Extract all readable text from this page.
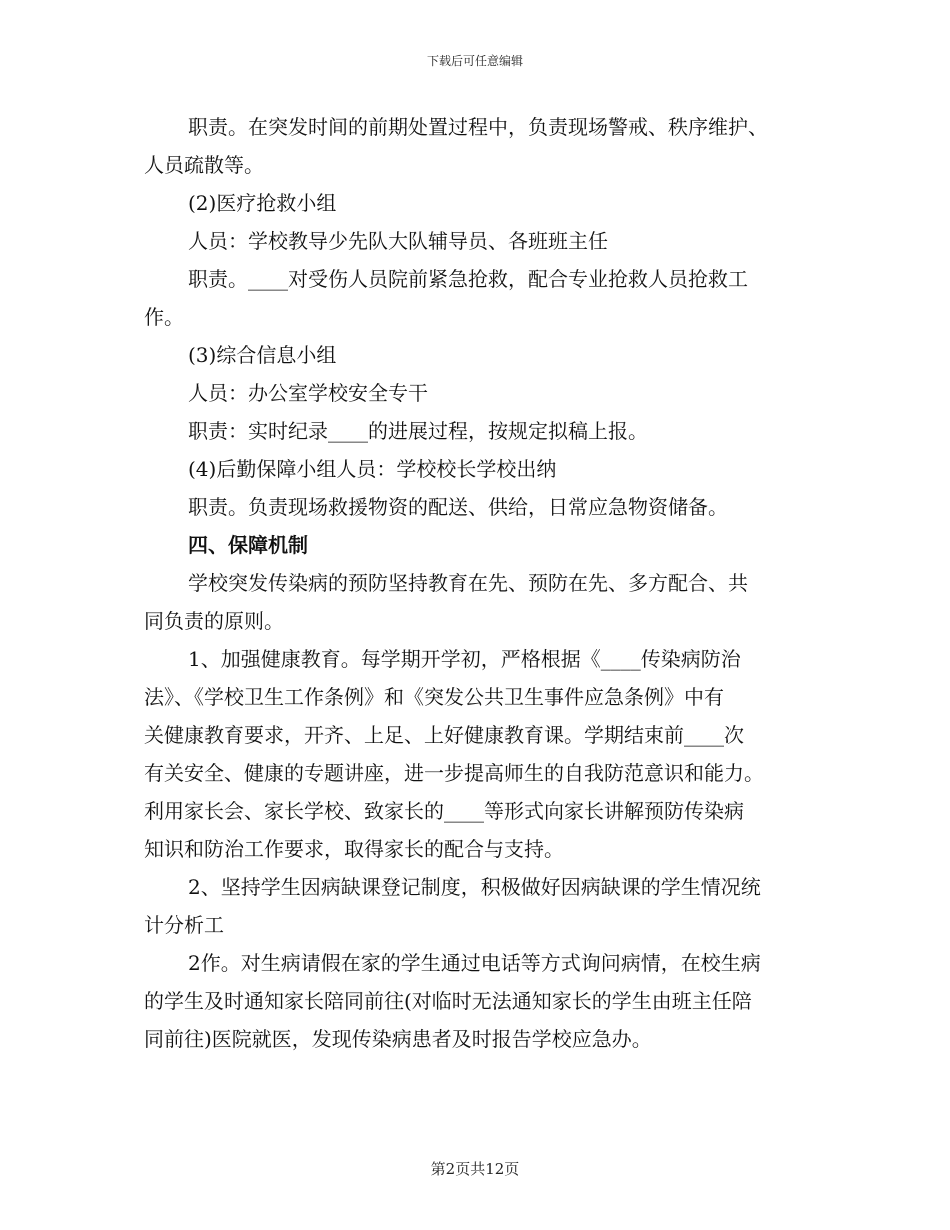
下载后可任意编辑

职责。在突发时间的前期处置过程中，负责现场警戒、秩序维护、

人员疏散等。

(2)医疗抢救小组

人员：学校教导少先队大队辅导员、各班班主任

职责。____对受伤人员院前紧急抢救，配合专业抢救人员抢救工

作。

(3)综合信息小组

人员：办公室学校安全专干

职责：实时纪录____的进展过程，按规定拟稿上报。

(4)后勤保障小组人员：学校校长学校出纳

职责。负责现场救援物资的配送、供给，日常应急物资储备。

四、保障机制

学校突发传染病的预防坚持教育在先、预防在先、多方配合、共

同负责的原则。

1、加强健康教育。每学期开学初，严格根据《____传染病防治

法》、《学校卫生工作条例》和《突发公共卫生事件应急条例》中有

关健康教育要求，开齐、上足、上好健康教育课。学期结束前____次

有关安全、健康的专题讲座，进一步提高师生的自我防范意识和能力。

利用家长会、家长学校、致家长的____等形式向家长讲解预防传染病

知识和防治工作要求，取得家长的配合与支持。

2、坚持学生因病缺课登记制度，积极做好因病缺课的学生情况统

计分析工

2作。对生病请假在家的学生通过电话等方式询问病情，在校生病

的学生及时通知家长陪同前往(对临时无法通知家长的学生由班主任陪

同前往)医院就医，发现传染病患者及时报告学校应急办。

第2页共12页
